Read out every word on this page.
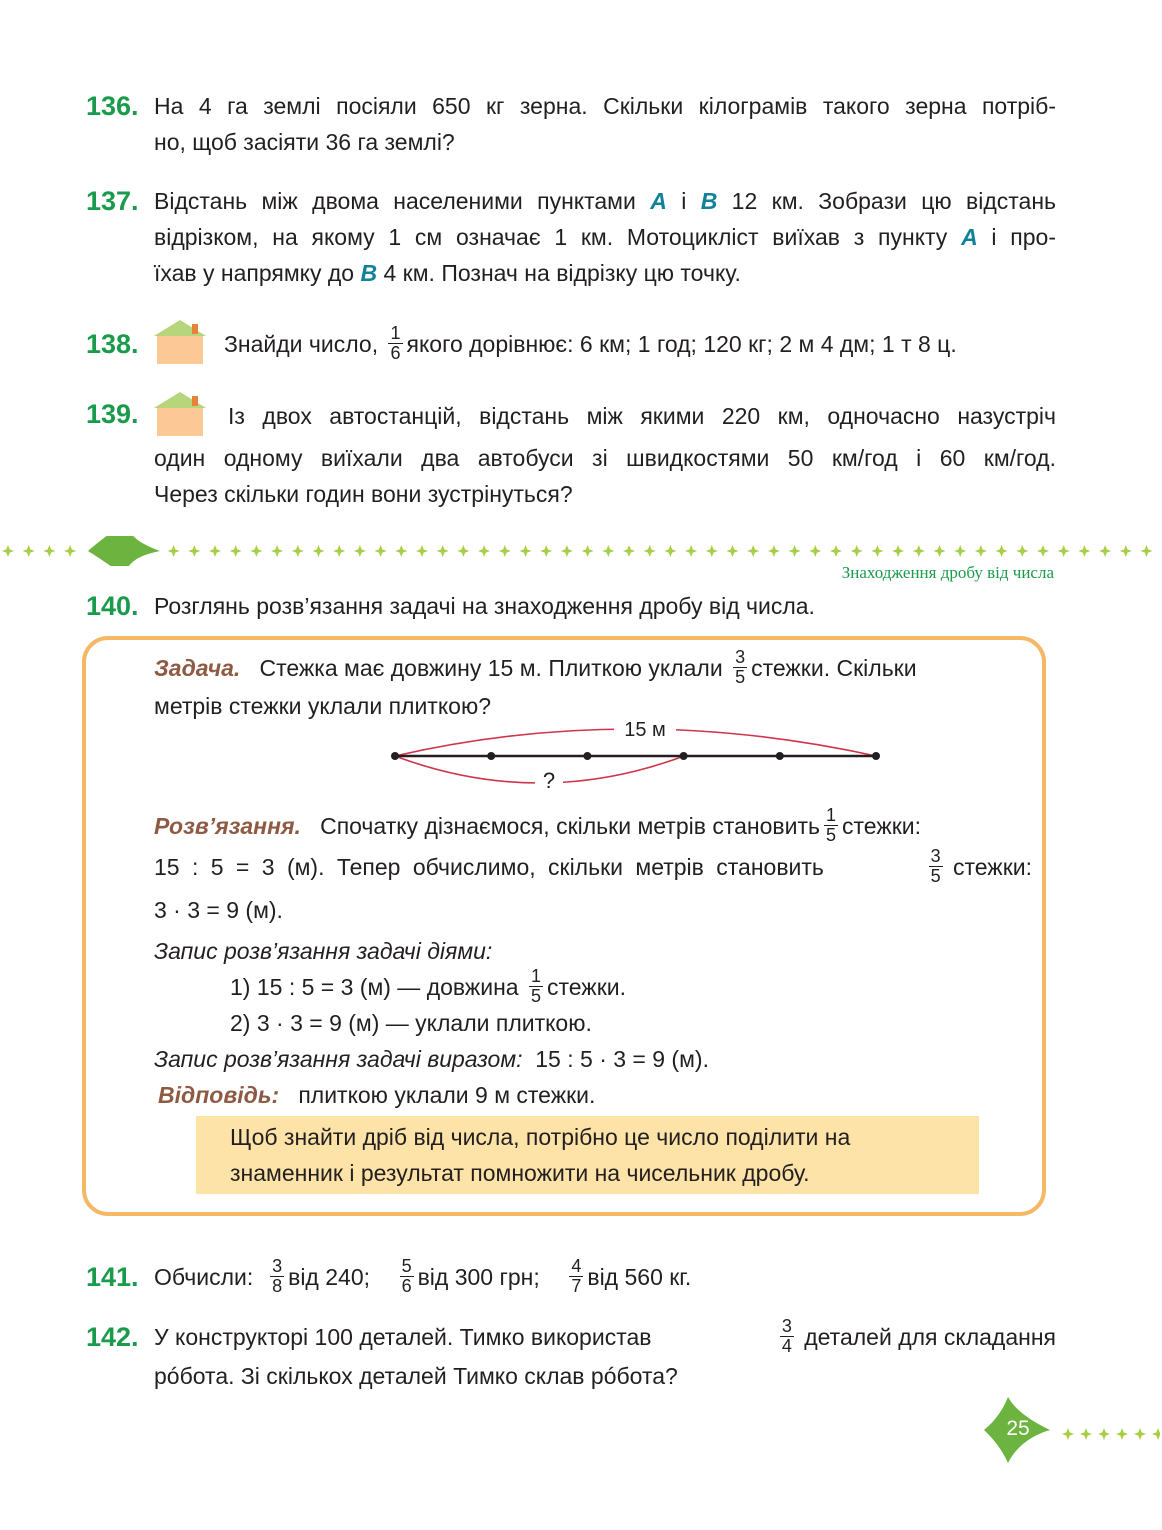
136. На 4 га землі посіяли 650 кг зерна. Скільки кілограмів такого зерна потріб-
но, щоб засіяти 36 га землі?
137. Відстань між двома населеними пунктами A і B 12 км. Зобрази цю відстань
відрізком, на якому 1 см означає 1 км. Мотоцикліст виїхав з пункту A і про-
їхав у напрямку до B 4 км. Познач на відрізку цю точку.
138.	Знайди число, $\frac{1}{6}$ якого дорівнює: 6 км; 1 год; 120 кг; 2 м 4 дм; 1 т 8 ц.
139.	Із двох автостанцій, відстань між якими 220 км, одночасно назустріч
один одному виїхали два автобуси зі швидкостями 50 км/год і 60 км/год.
Через скільки годин вони зустрінуться?
Знаходження дробу від числа
140. Розглянь розв’язання задачі на знаходження дробу від числа.
Задача. Стежка має довжину 15 м. Плиткою уклали $\frac{3}{5}$ стежки. Скільки
метрів стежки уклали плиткою?
15 м
?
Розв’язання. Спочатку дізнаємося, скільки метрів становить $\frac{1}{5}$ стежки:
15 : 5 = 3 (м). Тепер обчислимо, скільки метрів становить	$\frac{3}{5}$ стежки:
3 · 3 = 9 (м).
Запис розв’язання задачі діями:
1) 15 : 5 = 3 (м) — довжина $\frac{1}{5}$ стежки.
2) 3 · 3 = 9 (м) — уклали плиткою.
Запис розв’язання задачі виразом: 15 : 5 · 3 = 9 (м).
Відповідь: плиткою уклали 9 м стежки.
Щоб знайти дріб від числа, потрібно це число поділити на
знаменник і результат помножити на чисельник дробу.
141. Обчисли: $\frac{3}{8}$ від 240; $\frac{5}{6}$ від 300 грн; $\frac{4}{7}$ від 560 кг.
142. У конструкторі 100 деталей. Тимко використав	$\frac{3}{4}$ деталей для складання
рóбота. Зі скількох деталей Тимко склав рóбота?
25
